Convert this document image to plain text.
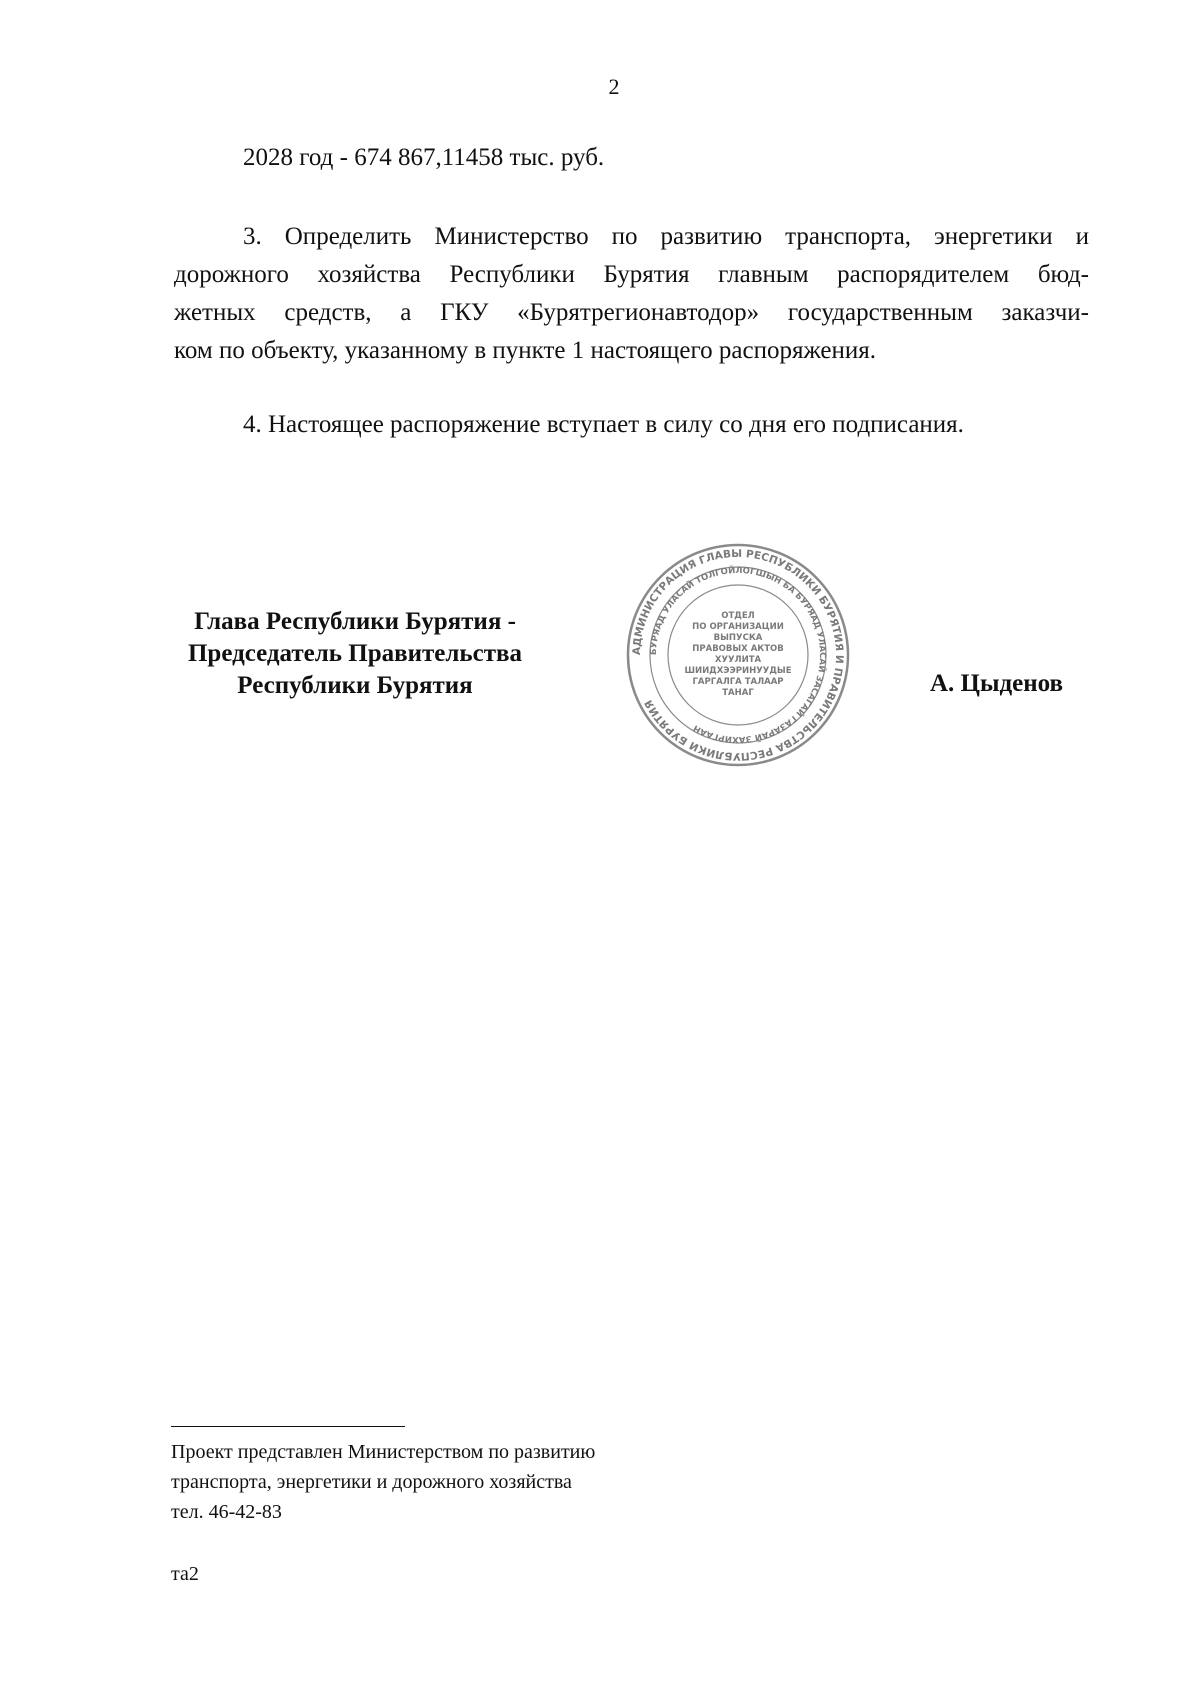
2
2028 год - 674 867,11458 тыс. руб.
3. Определить Министерство по развитию транспорта, энергетики и
дорожного хозяйства Республики Бурятия главным распорядителем бюд-
жетных средств, а ГКУ «Бурятрегионавтодор» государственным заказчи-
ком по объекту, указанному в пункте 1 настоящего распоряжения.
4. Настоящее распоряжение вступает в силу со дня его подписания.
Глава Республики Бурятия -
Председатель Правительства
Республики Бурятия
АДМИНИСТРАЦИЯ ГЛАВЫ РЕСПУБЛИКИ БУРЯТИЯ И ПРАВИТЕЛЬСТВА РЕСПУБЛИКИ БУРЯТИЯ
БУРЯАД УЛАСАЙ ТОЛГОЙЛОГШЫН БА БУРЯАД УЛАСАЙ ЗАСАГАЙ ГАЗАРАЙ ЗАХИРГААН
ОТДЕЛ
ПО ОРГАНИЗАЦИИ
ВЫПУСКА
ПРАВОВЫХ АКТОВ
ХУУЛИТА
ШИИДХЭЭРИНУУДЫЕ
ГАРГАЛГА ТАЛААР
ТАНАГ	А. Цыденов
Проект представлен Министерством по развитию
транспорта, энергетики и дорожного хозяйства
тел. 46-42-83
та2
